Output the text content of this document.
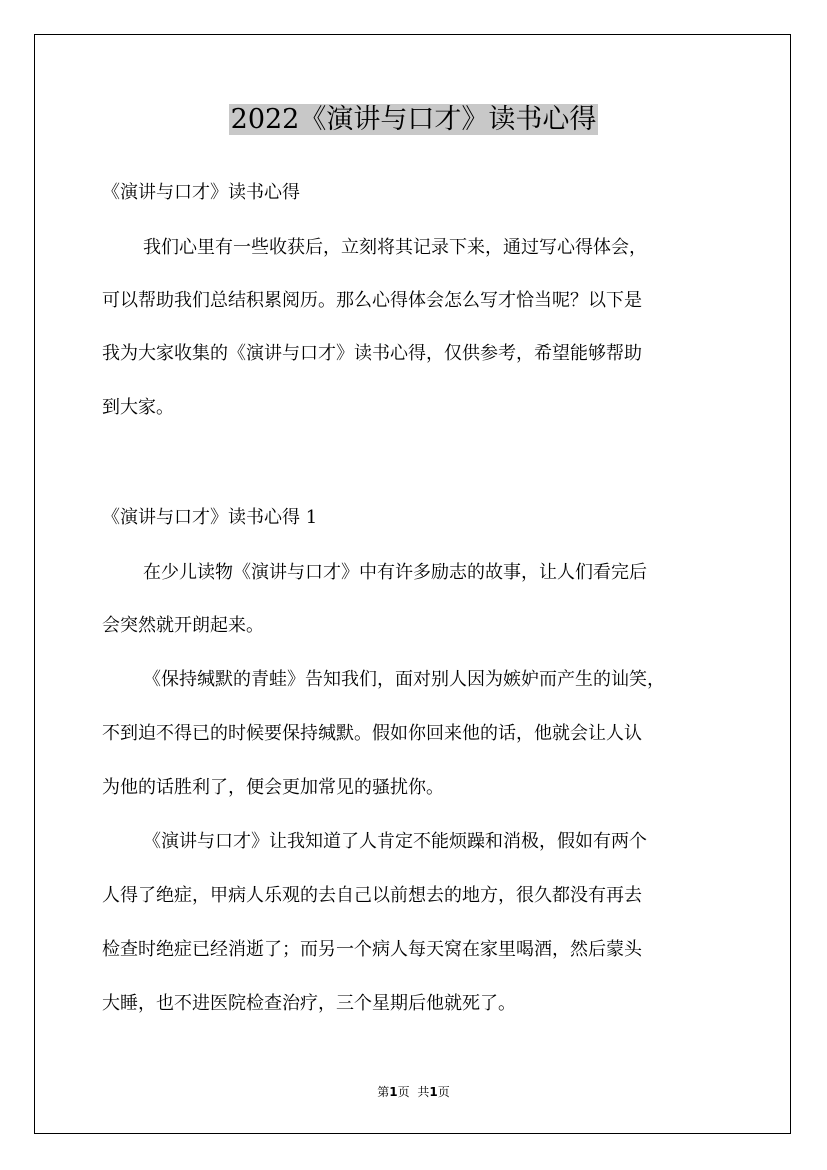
2022《演讲与口才》读书心得
《演讲与口才》读书心得
我们心里有一些收获后，立刻将其记录下来，通过写心得体会，
可以帮助我们总结积累阅历。那么心得体会怎么写才恰当呢？以下是
我为大家收集的《演讲与口才》读书心得，仅供参考，希望能够帮助
到大家。
《演讲与口才》读书心得 1
在少儿读物《演讲与口才》中有许多励志的故事，让人们看完后
会突然就开朗起来。
《保持缄默的青蛙》告知我们，面对别人因为嫉妒而产生的讪笑，
不到迫不得已的时候要保持缄默。假如你回来他的话，他就会让人认
为他的话胜利了，便会更加常见的骚扰你。
《演讲与口才》让我知道了人肯定不能烦躁和消极，假如有两个
人得了绝症，甲病人乐观的去自己以前想去的地方，很久都没有再去
检查时绝症已经消逝了；而另一个病人每天窝在家里喝酒，然后蒙头
大睡，也不进医院检查治疗，三个星期后他就死了。
第1页 共1页
